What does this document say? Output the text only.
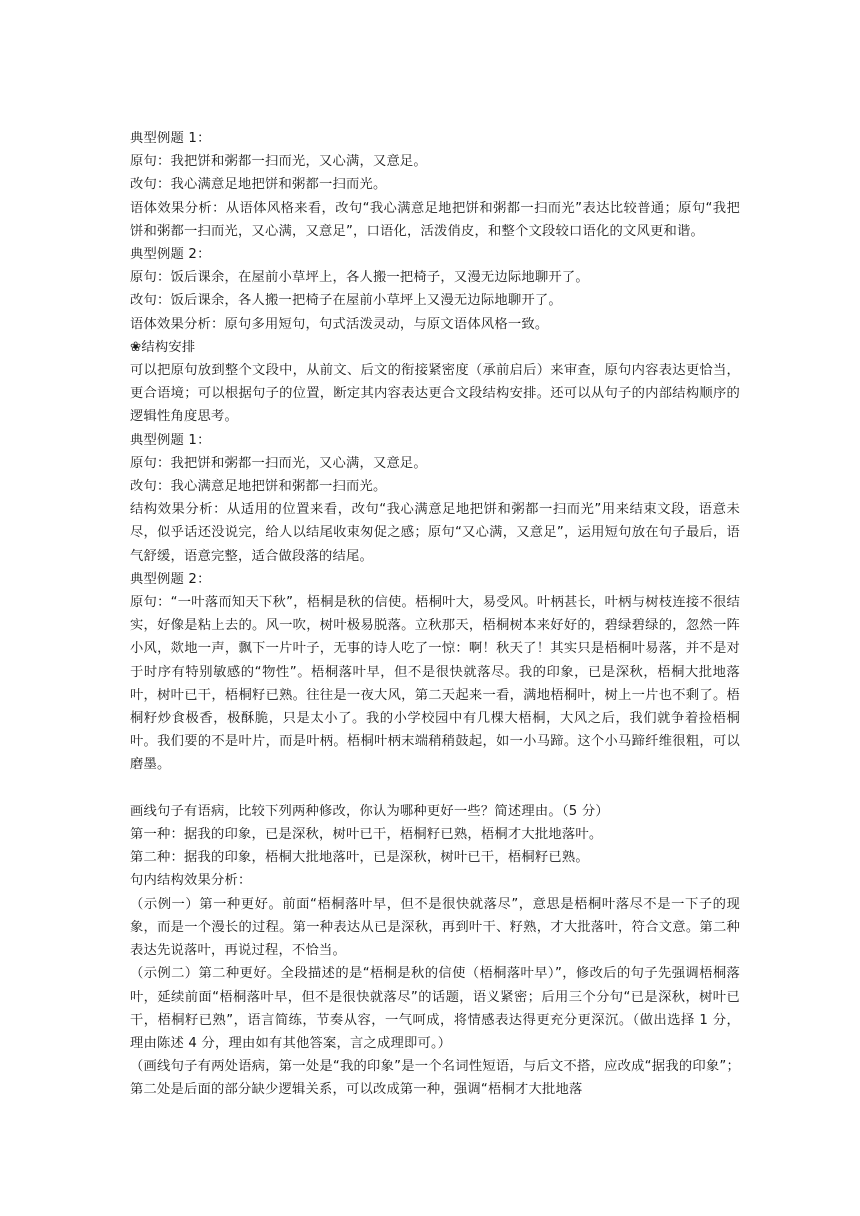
典型例题 1：

原句：我把饼和粥都一扫而光，又心满，又意足。

改句：我心满意足地把饼和粥都一扫而光。

语体效果分析：从语体风格来看，改句“我心满意足地把饼和粥都一扫而光”表达比较普通；原句“我把饼和粥都一扫而光，又心满，又意足”，口语化，活泼俏皮，和整个文段较口语化的文风更和谐。

典型例题 2：

原句：饭后课余，在屋前小草坪上，各人搬一把椅子，又漫无边际地聊开了。

改句：饭后课余，各人搬一把椅子在屋前小草坪上又漫无边际地聊开了。

语体效果分析：原句多用短句，句式活泼灵动，与原文语体风格一致。

❀结构安排

可以把原句放到整个文段中，从前文、后文的衔接紧密度（承前启后）来审查，原句内容表达更恰当，更合语境；可以根据句子的位置，断定其内容表达更合文段结构安排。还可以从句子的内部结构顺序的逻辑性角度思考。

典型例题 1：

原句：我把饼和粥都一扫而光，又心满，又意足。

改句：我心满意足地把饼和粥都一扫而光。

结构效果分析：从适用的位置来看，改句“我心满意足地把饼和粥都一扫而光”用来结束文段，语意未尽，似乎话还没说完，给人以结尾收束匆促之感；原句“又心满，又意足”，运用短句放在句子最后，语气舒缓，语意完整，适合做段落的结尾。

典型例题 2：

原句：“一叶落而知天下秋”，梧桐是秋的信使。梧桐叶大，易受风。叶柄甚长，叶柄与树枝连接不很结实，好像是粘上去的。风一吹，树叶极易脱落。立秋那天，梧桐树本来好好的，碧绿碧绿的，忽然一阵小风，欻地一声，飘下一片叶子，无事的诗人吃了一惊：啊！秋天了！其实只是梧桐叶易落，并不是对于时序有特别敏感的“物性”。梧桐落叶早，但不是很快就落尽。我的印象，已是深秋，梧桐大批地落叶，树叶已干，梧桐籽已熟。往往是一夜大风，第二天起来一看，满地梧桐叶，树上一片也不剩了。梧桐籽炒食极香，极酥脆，只是太小了。我的小学校园中有几棵大梧桐，大风之后，我们就争着捡梧桐叶。我们要的不是叶片，而是叶柄。梧桐叶柄末端稍稍鼓起，如一小马蹄。这个小马蹄纤维很粗，可以磨墨。

画线句子有语病，比较下列两种修改，你认为哪种更好一些？简述理由。（5 分）

第一种：据我的印象，已是深秋，树叶已干，梧桐籽已熟，梧桐才大批地落叶。

第二种：据我的印象，梧桐大批地落叶，已是深秋，树叶已干，梧桐籽已熟。

句内结构效果分析：

（示例一）第一种更好。前面“梧桐落叶早，但不是很快就落尽”，意思是梧桐叶落尽不是一下子的现象，而是一个漫长的过程。第一种表达从已是深秋，再到叶干、籽熟，才大批落叶，符合文意。第二种表达先说落叶，再说过程，不恰当。

（示例二）第二种更好。全段描述的是“梧桐是秋的信使（梧桐落叶早）”，修改后的句子先强调梧桐落叶，延续前面“梧桐落叶早，但不是很快就落尽”的话题，语义紧密；后用三个分句“已是深秋，树叶已干，梧桐籽已熟”，语言简练，节奏从容，一气呵成，将情感表达得更充分更深沉。（做出选择 1 分，理由陈述 4 分，理由如有其他答案，言之成理即可。）

（画线句子有两处语病，第一处是“我的印象”是一个名词性短语，与后文不搭，应改成“据我的印象”；第二处是后面的部分缺少逻辑关系，可以改成第一种，强调“梧桐才大批地落
